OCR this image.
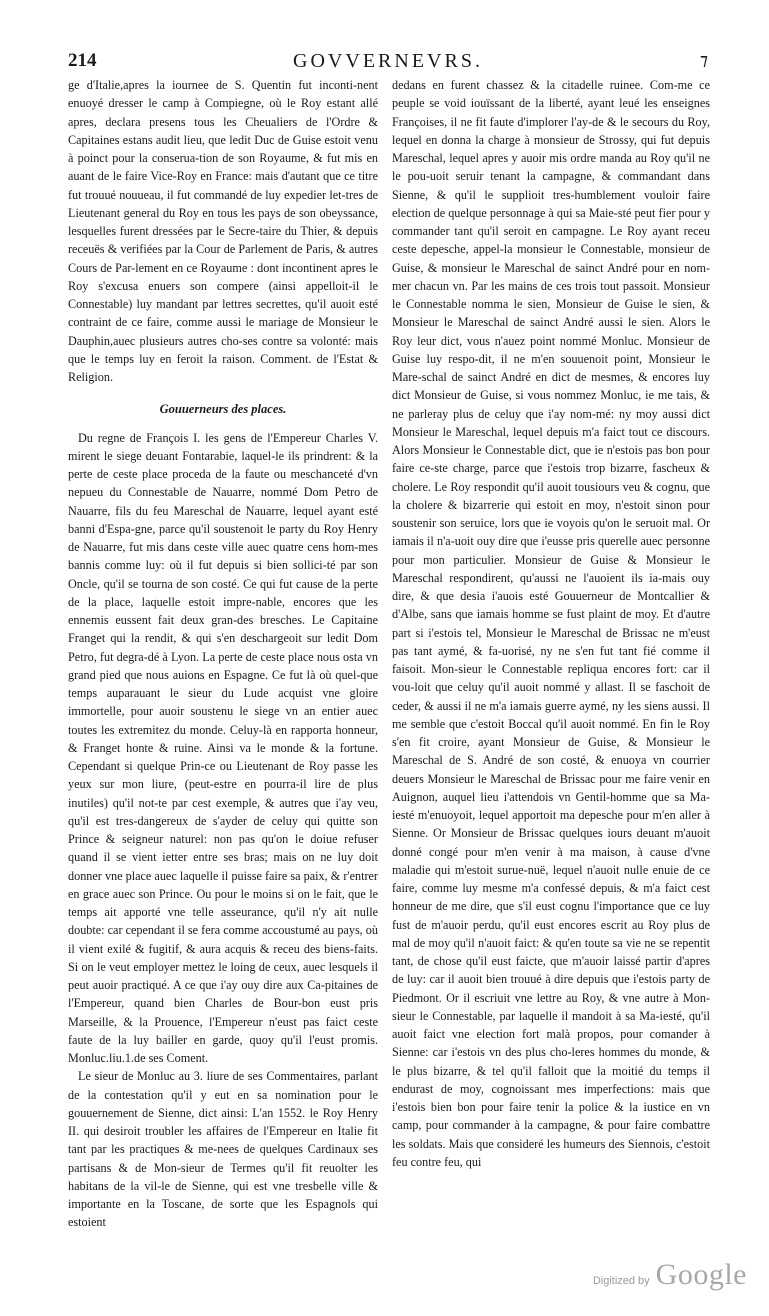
214	GOVVERNEVRS.	⁊

ge d'Italie,apres la iournee de S. Quentin fut inconti-nent enuoyé dresser le camp à Compiegne, où le Roy estant allé apres, declara presens tous les Cheualiers de l'Ordre & Capitaines estans audit lieu, que ledit Duc de Guise estoit venu à poinct pour la conserua-tion de son Royaume, & fut mis en auant de le faire Vice-Roy en France: mais d'autant que ce titre fut trouué nouueau, il fut commandé de luy expedier let-tres de Lieutenant general du Roy en tous les pays de son obeyssance, lesquelles furent dressées par le Secre-taire du Thier, & depuis receuës & verifiées par la Cour de Parlement de Paris, & autres Cours de Par-lement en ce Royaume : dont incontinent apres le Roy s'excusa enuers son compere (ainsi appelloit-il le Connestable) luy mandant par lettres secrettes, qu'il auoit esté contraint de ce faire, comme aussi le mariage de Monsieur le Dauphin,auec plusieurs autres cho-ses contre sa volonté: mais que le temps luy en feroit la raison. Comment. de l'Estat & Religion.

Gouuerneurs des places.

Du regne de François I. les gens de l'Empereur Charles V. mirent le siege deuant Fontarabie, laquel-le ils prindrent: & la perte de ceste place proceda de la faute ou meschanceté d'vn nepueu du Connestable de Nauarre, nommé Dom Petro de Nauarre, fils du feu Mareschal de Nauarre, lequel ayant esté banni d'Espa-gne, parce qu'il soustenoit le party du Roy Henry de Nauarre, fut mis dans ceste ville auec quatre cens hom-mes bannis comme luy: où il fut depuis si bien sollici-té par son Oncle, qu'il se tourna de son costé. Ce qui fut cause de la perte de la place, laquelle estoit impre-nable, encores que les ennemis eussent fait deux gran-des bresches. Le Capitaine Franget qui la rendit, & qui s'en deschargeoit sur ledit Dom Petro, fut degra-dé à Lyon. La perte de ceste place nous osta vn grand pied que nous auions en Espagne. Ce fut là où quel-que temps auparauant le sieur du Lude acquist vne gloire immortelle, pour auoir soustenu le siege vn an entier auec toutes les extremitez du monde. Celuy-là en rapporta honneur, & Franget honte & ruine. Ainsi va le monde & la fortune. Cependant si quelque Prin-ce ou Lieutenant de Roy passe les yeux sur mon liure, (peut-estre en pourra-il lire de plus inutiles) qu'il not-te par cest exemple, & autres que i'ay veu, qu'il est tres-dangereux de s'ayder de celuy qui quitte son Prince & seigneur naturel: non pas qu'on le doiue refuser quand il se vient ietter entre ses bras; mais on ne luy doit donner vne place auec laquelle il puisse faire sa paix, & r'entrer en grace auec son Prince. Ou pour le moins si on le fait, que le temps ait apporté vne telle asseurance, qu'il n'y ait nulle doubte: car cependant il se fera comme accoustumé au pays, où il vient exilé & fugitif, & aura acquis & receu des biens-faits. Si on le veut employer mettez le loing de ceux, auec lesquels il peut auoir practiqué. A ce que i'ay ouy dire aux Ca-pitaines de l'Empereur, quand bien Charles de Bour-bon eust pris Marseille, & la Prouence, l'Empereur n'eust pas faict ceste faute de la luy bailler en garde, quoy qu'il l'eust promis. Monluc.liu.1.de ses Coment.

Le sieur de Monluc au 3. liure de ses Commentaires, parlant de la contestation qu'il y eut en sa nomination pour le gouuernement de Sienne, dict ainsi: L'an 1552. le Roy Henry II. qui desiroit troubler les affaires de l'Empereur en Italie fit tant par les practiques & me-nees de quelques Cardinaux ses partisans & de Mon-sieur de Termes qu'il fit reuolter les habitans de la vil-le de Sienne, qui est vne tresbelle ville & importante en la Toscane, de sorte que les Espagnols qui estoient

dedans en furent chassez & la citadelle ruinee. Com-me ce peuple se void iouïssant de la liberté, ayant leué les enseignes Françoises, il ne fit faute d'implorer l'ay-de & le secours du Roy, lequel en donna la charge à monsieur de Strossy, qui fut depuis Mareschal, lequel apres y auoir mis ordre manda au Roy qu'il ne le pou-uoit seruir tenant la campagne, & commandant dans Sienne, & qu'il le supplioit tres-humblement vouloir faire election de quelque personnage à qui sa Maie-sté peut fier pour y commander tant qu'il seroit en campagne. Le Roy ayant receu ceste depesche, appel-la monsieur le Connestable, monsieur de Guise, & monsieur le Mareschal de sainct André pour en nom-mer chacun vn. Par les mains de ces trois tout passoit. Monsieur le Connestable nomma le sien, Monsieur de Guise le sien, & Monsieur le Mareschal de sainct André aussi le sien. Alors le Roy leur dict, vous n'auez point nommé Monluc. Monsieur de Guise luy respo-dit, il ne m'en souuenoit point, Monsieur le Mare-schal de sainct André en dict de mesmes, & encores luy dict Monsieur de Guise, si vous nommez Monluc, ie me tais, & ne parleray plus de celuy que i'ay nom-mé: ny moy aussi dict Monsieur le Mareschal, lequel depuis m'a faict tout ce discours. Alors Monsieur le Connestable dict, que ie n'estois pas bon pour faire ce-ste charge, parce que i'estois trop bizarre, fascheux & cholere. Le Roy respondit qu'il auoit tousiours veu & cognu, que la cholere & bizarrerie qui estoit en moy, n'estoit sinon pour soustenir son seruice, lors que ie voyois qu'on le seruoit mal. Or iamais il n'a-uoit ouy dire que i'eusse pris querelle auec personne pour mon particulier. Monsieur de Guise & Monsieur le Mareschal respondirent, qu'aussi ne l'auoient ils ia-mais ouy dire, & que desia i'auois esté Gouuerneur de Montcallier & d'Albe, sans que iamais homme se fust plaint de moy. Et d'autre part si i'estois tel, Monsieur le Mareschal de Brissac ne m'eust pas tant aymé, & fa-uorisé, ny ne s'en fut tant fié comme il faisoit. Mon-sieur le Connestable repliqua encores fort: car il vou-loit que celuy qu'il auoit nommé y allast. Il se faschoit de ceder, & aussi il ne m'a iamais guerre aymé, ny les siens aussi. Il me semble que c'estoit Boccal qu'il auoit nommé. En fin le Roy s'en fit croire, ayant Monsieur de Guise, & Monsieur le Mareschal de S. André de son costé, & enuoya vn courrier deuers Monsieur le Mareschal de Brissac pour me faire venir en Auignon, auquel lieu i'attendois vn Gentil-homme que sa Ma-iesté m'enuoyoit, lequel apportoit ma depesche pour m'en aller à Sienne. Or Monsieur de Brissac quelques iours deuant m'auoit donné congé pour m'en venir à ma maison, à cause d'vne maladie qui m'estoit surue-nuë, lequel n'auoit nulle enuie de ce faire, comme luy mesme m'a confessé depuis, & m'a faict cest honneur de me dire, que s'il eust cognu l'importance que ce luy fust de m'auoir perdu, qu'il eust encores escrit au Roy plus de mal de moy qu'il n'auoit faict: & qu'en toute sa vie ne se repentit tant, de chose qu'il eust faicte, que m'auoir laissé partir d'apres de luy: car il auoit bien trouué à dire depuis que i'estois party de Piedmont. Or il escriuit vne lettre au Roy, & vne autre à Mon-sieur le Connestable, par laquelle il mandoit à sa Ma-iesté, qu'il auoit faict vne election fort malà propos, pour comander à Sienne: car i'estois vn des plus cho-leres hommes du monde, & le plus bizarre, & tel qu'il falloit que la moitié du temps il endurast de moy, cognoissant mes imperfections: mais que i'estois bien bon pour faire tenir la police & la iustice en vn camp, pour commander à la campagne, & pour faire combattre les soldats. Mais que consideré les humeurs des Siennois, c'estoit feu contre feu, qui

Digitized by Google
